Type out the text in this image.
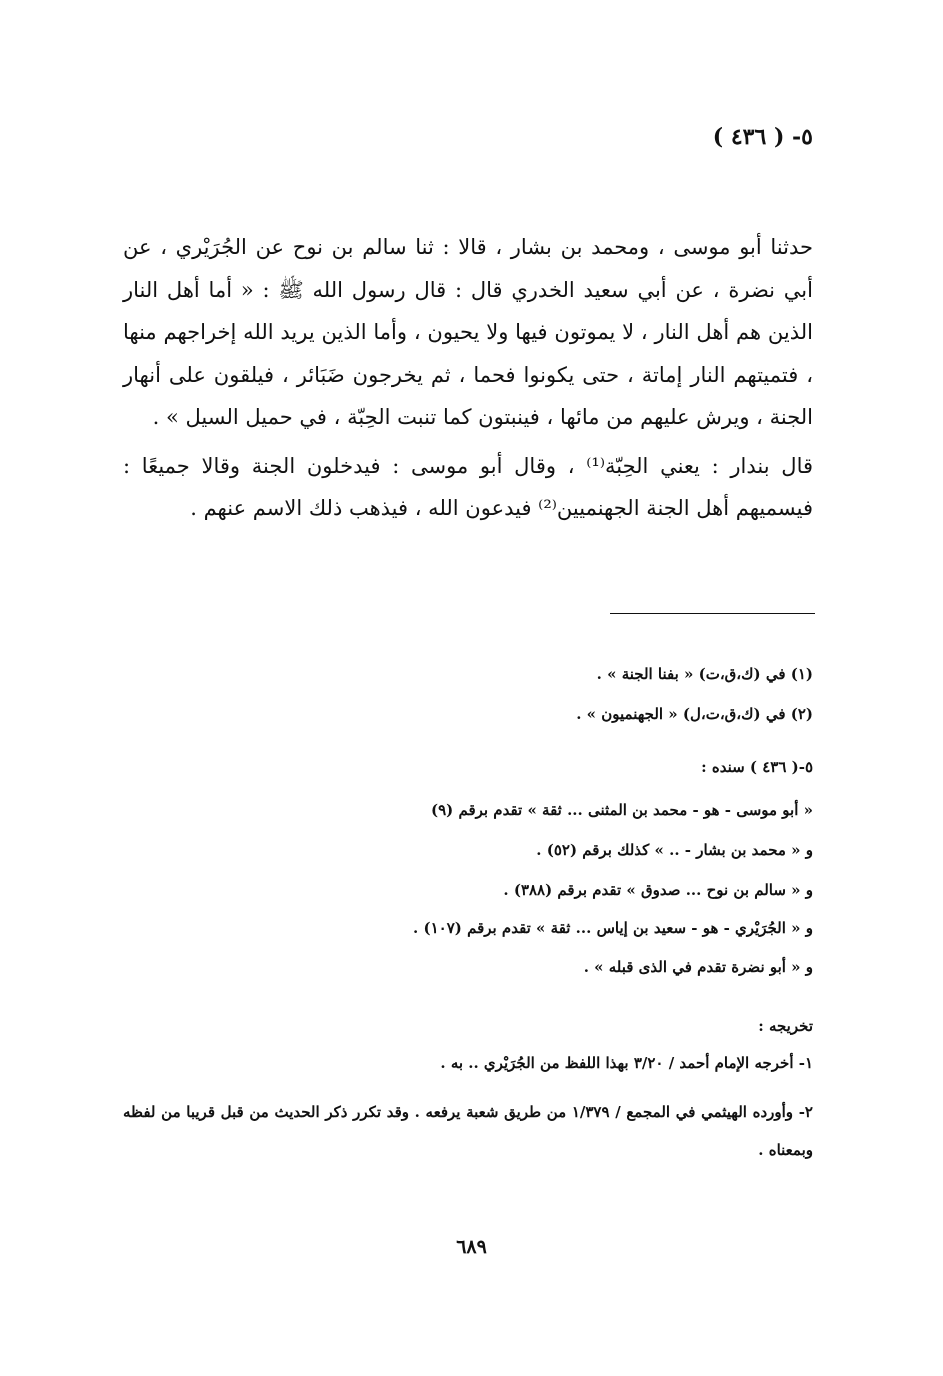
٥- ( ٤٣٦ )

حدثنا أبو موسى ، ومحمد بن بشار ، قالا : ثنا سالم بن نوح عن الجُرَيْري ، عن أبي نضرة ، عن أبي سعيد الخدري قال : قال رسول الله ﷺ : « أما أهل النار الذين هم أهل النار ، لا يموتون فيها ولا يحيون ، وأما الذين يريد الله إخراجهم منها ، فتميتهم النار إماتة ، حتى يكونوا فحما ، ثم يخرجون ضَبَائر ، فيلقون على أنهار الجنة ، ويرش عليهم من مائها ، فينبتون كما تنبت الحِبّة ، في حميل السيل » .

قال بندار : يعني الحِبّة⁽¹⁾ ، وقال أبو موسى : فيدخلون الجنة وقالا جميعًا : فيسميهم أهل الجنة الجهنميين⁽²⁾ فيدعون الله ، فيذهب ذلك الاسم عنهم .

(١) في (ك،ق،ت) « بفنا الجنة » .
(٢) في (ك،ق،ت،ل) « الجهنميون » .
٥-( ٤٣٦ ) سنده :
« أبو موسى - هو - محمد بن المثنى ... ثقة » تقدم برقم (٩)
و « محمد بن بشار - .. » كذلك برقم (٥٢) .
و « سالم بن نوح ... صدوق » تقدم برقم (٣٨٨) .
و « الجُرَيْري - هو - سعيد بن إياس ... ثقة » تقدم برقم (١٠٧) .
و « أبو نضرة تقدم في الذى قبله » .
تخريجه :
١- أخرجه الإمام أحمد / ٣/٢٠ بهذا اللفظ من الجُرَيْري .. به .
٢- وأورده الهيثمي في المجمع / ١/٣٧٩ من طريق شعبة يرفعه . وقد تكرر ذكر الحديث من قبل قريبا من لفظه وبمعناه .
٦٨٩
